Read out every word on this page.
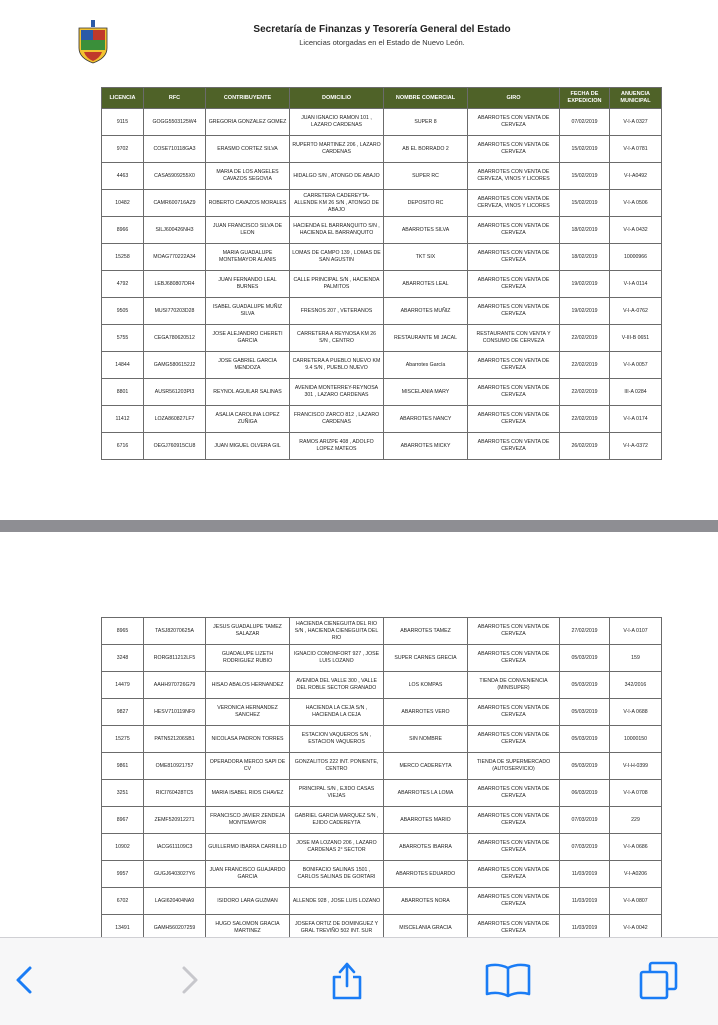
Secretaría de Finanzas y Tesorería General del Estado
Licencias otorgadas en el Estado de Nuevo León.
LICENCIA	RFC	CONTRIBUYENTE	DOMICILIO	NOMBRE COMERCIAL	GIRO	FECHA DE EXPEDICION	ANUENCIA MUNICIPAL
9115	GOGG5503125W4	GREGORIA GONZALEZ GOMEZ	JUAN IGNACIO RAMON 101 , LAZARO CARDENAS	SUPER 8	ABARROTES CON VENTA DE CERVEZA	07/02/2019	V-I-A 0327
9702	COSE710118GA3	ERASMO CORTEZ SILVA	RUPERTO MARTINEZ 206 , LAZARO CARDENAS	AB EL BORRADO 2	ABARROTES CON VENTA DE CERVEZA	15/02/2019	V-I-A 0781
4463	CASA5909255X0	MARIA DE LOS ANGELES CAVAZOS SEGOVIA	HIDALGO S/N , ATONGO DE ABAJO	SUPER RC	ABARROTES CON VENTA DE CERVEZA, VINOS Y LICORES	15/02/2019	V-I-A0492
10482	CAMR600716AZ9	ROBERTO CAVAZOS MORALES	CARRETERA CADEREYTA-ALLENDE KM 26 S/N , ATONGO DE ABAJO	DEPOSITO RC	ABARROTES CON VENTA DE CERVEZA, VINOS Y LICORES	15/02/2019	V-I-A 0506
8966	SILJ600426NH3	JUAN FRANCISCO SILVA DE LEON	HACIENDA EL BARRANQUITO S/N , HACIENDA EL BARRANQUITO	ABARROTES SILVA	ABARROTES CON VENTA DE CERVEZA	18/02/2019	V-I-A 0432
15258	MOAG770222A34	MARIA GUADALUPE MONTEMAYOR ALANIS	LOMAS DE CAMPO 139 , LOMAS DE SAN AGUSTIN	TKT SIX	ABARROTES CON VENTA DE CERVEZA	18/02/2019	10000966
4792	LEBJ680807DR4	JUAN FERNANDO LEAL BURNES	CALLE PRINCIPAL S/N , HACIENDA PALMITOS	ABARROTES LEAL	ABARROTES CON VENTA DE CERVEZA	19/02/2019	V-I-A 0114
9505	MUSI770203D28	ISABEL GUADALUPE MUÑIZ SILVA	FRESNOS 207 , VETERANOS	ABARROTES MUÑIZ	ABARROTES CON VENTA DE CERVEZA	19/02/2019	V-I-A-0762
5755	CEGA780620512	JOSE ALEJANDRO CHERETI GARCIA	CARRETERA A REYNOSA KM 26 S/N , CENTRO	RESTAURANTE MI JACAL	RESTAURANTE CON VENTA Y CONSUMO DE CERVEZA	22/02/2019	V-III-B 0651
14844	GAMG5806152J2	JOSE GABRIEL GARCIA MENDOZA	CARRETERA A PUEBLO NUEVO KM 9.4 S/N , PUEBLO NUEVO	Abarrotes García	ABARROTES CON VENTA DE CERVEZA	22/02/2019	V-I-A 0057
8801	AUSR561203PI3	REYNOL AGUILAR SALINAS	AVENIDA MONTERREY-REYNOSA 301 , LAZARO CARDENAS	MISCELANIA MARY	ABARROTES CON VENTA DE CERVEZA	22/02/2019	III-A 0284
11412	LOZA860827LF7	ASALIA CAROLINA LOPEZ ZUÑIGA	FRANCISCO ZARCO 812 , LAZARO CARDENAS	ABARROTES NANCY	ABARROTES CON VENTA DE CERVEZA	22/02/2019	V-I-A 0174
6716	OEGJ760915CU8	JUAN MIGUEL OLVERA GIL	RAMOS ARIZPE 408 , ADOLFO LOPEZ MATEOS	ABARROTES MICKY	ABARROTES CON VENTA DE CERVEZA	26/02/2019	V-I-A-0372
8965	TASJ82070625A	JESUS GUADALUPE TAMEZ SALAZAR	HACIENDA CIENEGUITA DEL RIO S/N , HACIENDA CIENEGUITA DEL RIO	ABARROTES TAMEZ	ABARROTES CON VENTA DE CERVEZA	27/02/2019	V-I-A 0107
3248	RORG811212LF5	GUADALUPE LIZETH RODRIGUEZ RUBIO	IGNACIO COMONFORT 927 , JOSE LUIS LOZANO	SUPER CARNES GRECIA	ABARROTES CON VENTA DE CERVEZA	05/03/2019	159
14479	AAHH970726G79	HISAO ABALOS HERNANDEZ	AVENIDA DEL VALLE 300 , VALLE DEL ROBLE SECTOR GRANADO	LOS KOMPAS	TIENDA DE CONVENIENCIA (MINISUPER)	05/03/2019	342/2016
9827	HESV710119NF9	VERONICA HERNANDEZ SANCHEZ	HACIENDA LA CEJA S/N , HACIENDA LA CEJA	ABARROTES VERO	ABARROTES CON VENTA DE CERVEZA	05/03/2019	V-I-A 0688
15275	PATN521206SB1	NICOLASA PADRON TORRES	ESTACION VAQUEROS S/N , ESTACION VAQUEROS	SIN NOMBRE	ABARROTES CON VENTA DE CERVEZA	05/03/2019	10000150
9861	OME810921757	OPERADORA MERCO SAPI DE CV	GONZALITOS 222 INT. PONIENTE, CENTRO	MERCO CADEREYTA	TIENDA DE SUPERMERCADO (AUTOSERVICIO)	05/03/2019	V-I-H-0399
3251	RICI760428TC5	MARIA ISABEL RIOS CHAVEZ	PRINCIPAL S/N , EJIDO CASAS VIEJAS	ABARROTES LA LOMA	ABARROTES CON VENTA DE CERVEZA	06/03/2019	V-I-A 0708
8967	ZEMF520912271	FRANCISCO JAVIER ZENDEJA MONTEMAYOR	GABRIEL GARCIA MARQUEZ S/N , EJIDO CADEREYTA	ABARROTES MARIO	ABARROTES CON VENTA DE CERVEZA	07/03/2019	229
10902	IACG611109C3	GUILLERMO IBARRA CARRILLO	JOSE MA LOZANO 206 , LAZARO CARDENAS 2° SECTOR	ABARROTES IBARRA	ABARROTES CON VENTA DE CERVEZA	07/03/2019	V-I-A 0686
9957	GUGJ6403027Y6	JUAN FRANCISCO GUAJARDO GARCIA	BONIFACIO SALINAS 1501 , CARLOS SALINAS DE GORTARI	ABARROTES EDUARDO	ABARROTES CON VENTA DE CERVEZA	11/03/2019	V-I-A0206
6702	LAGI620404NA9	ISIDORO LARA GUZMAN	ALLENDE 928 , JOSE LUIS LOZANO	ABARROTES NORA	ABARROTES CON VENTA DE CERVEZA	11/03/2019	V-I-A 0807
13491	GAMH560207259	HUGO SALOMON GRACIA MARTINEZ	JOSEFA ORTIZ DE DOMINGUEZ Y GRAL TREVIÑO 502 INT. SUR	MISCELANIA GRACIA	ABARROTES CON VENTA DE CERVEZA	11/03/2019	V-I-A 0042
